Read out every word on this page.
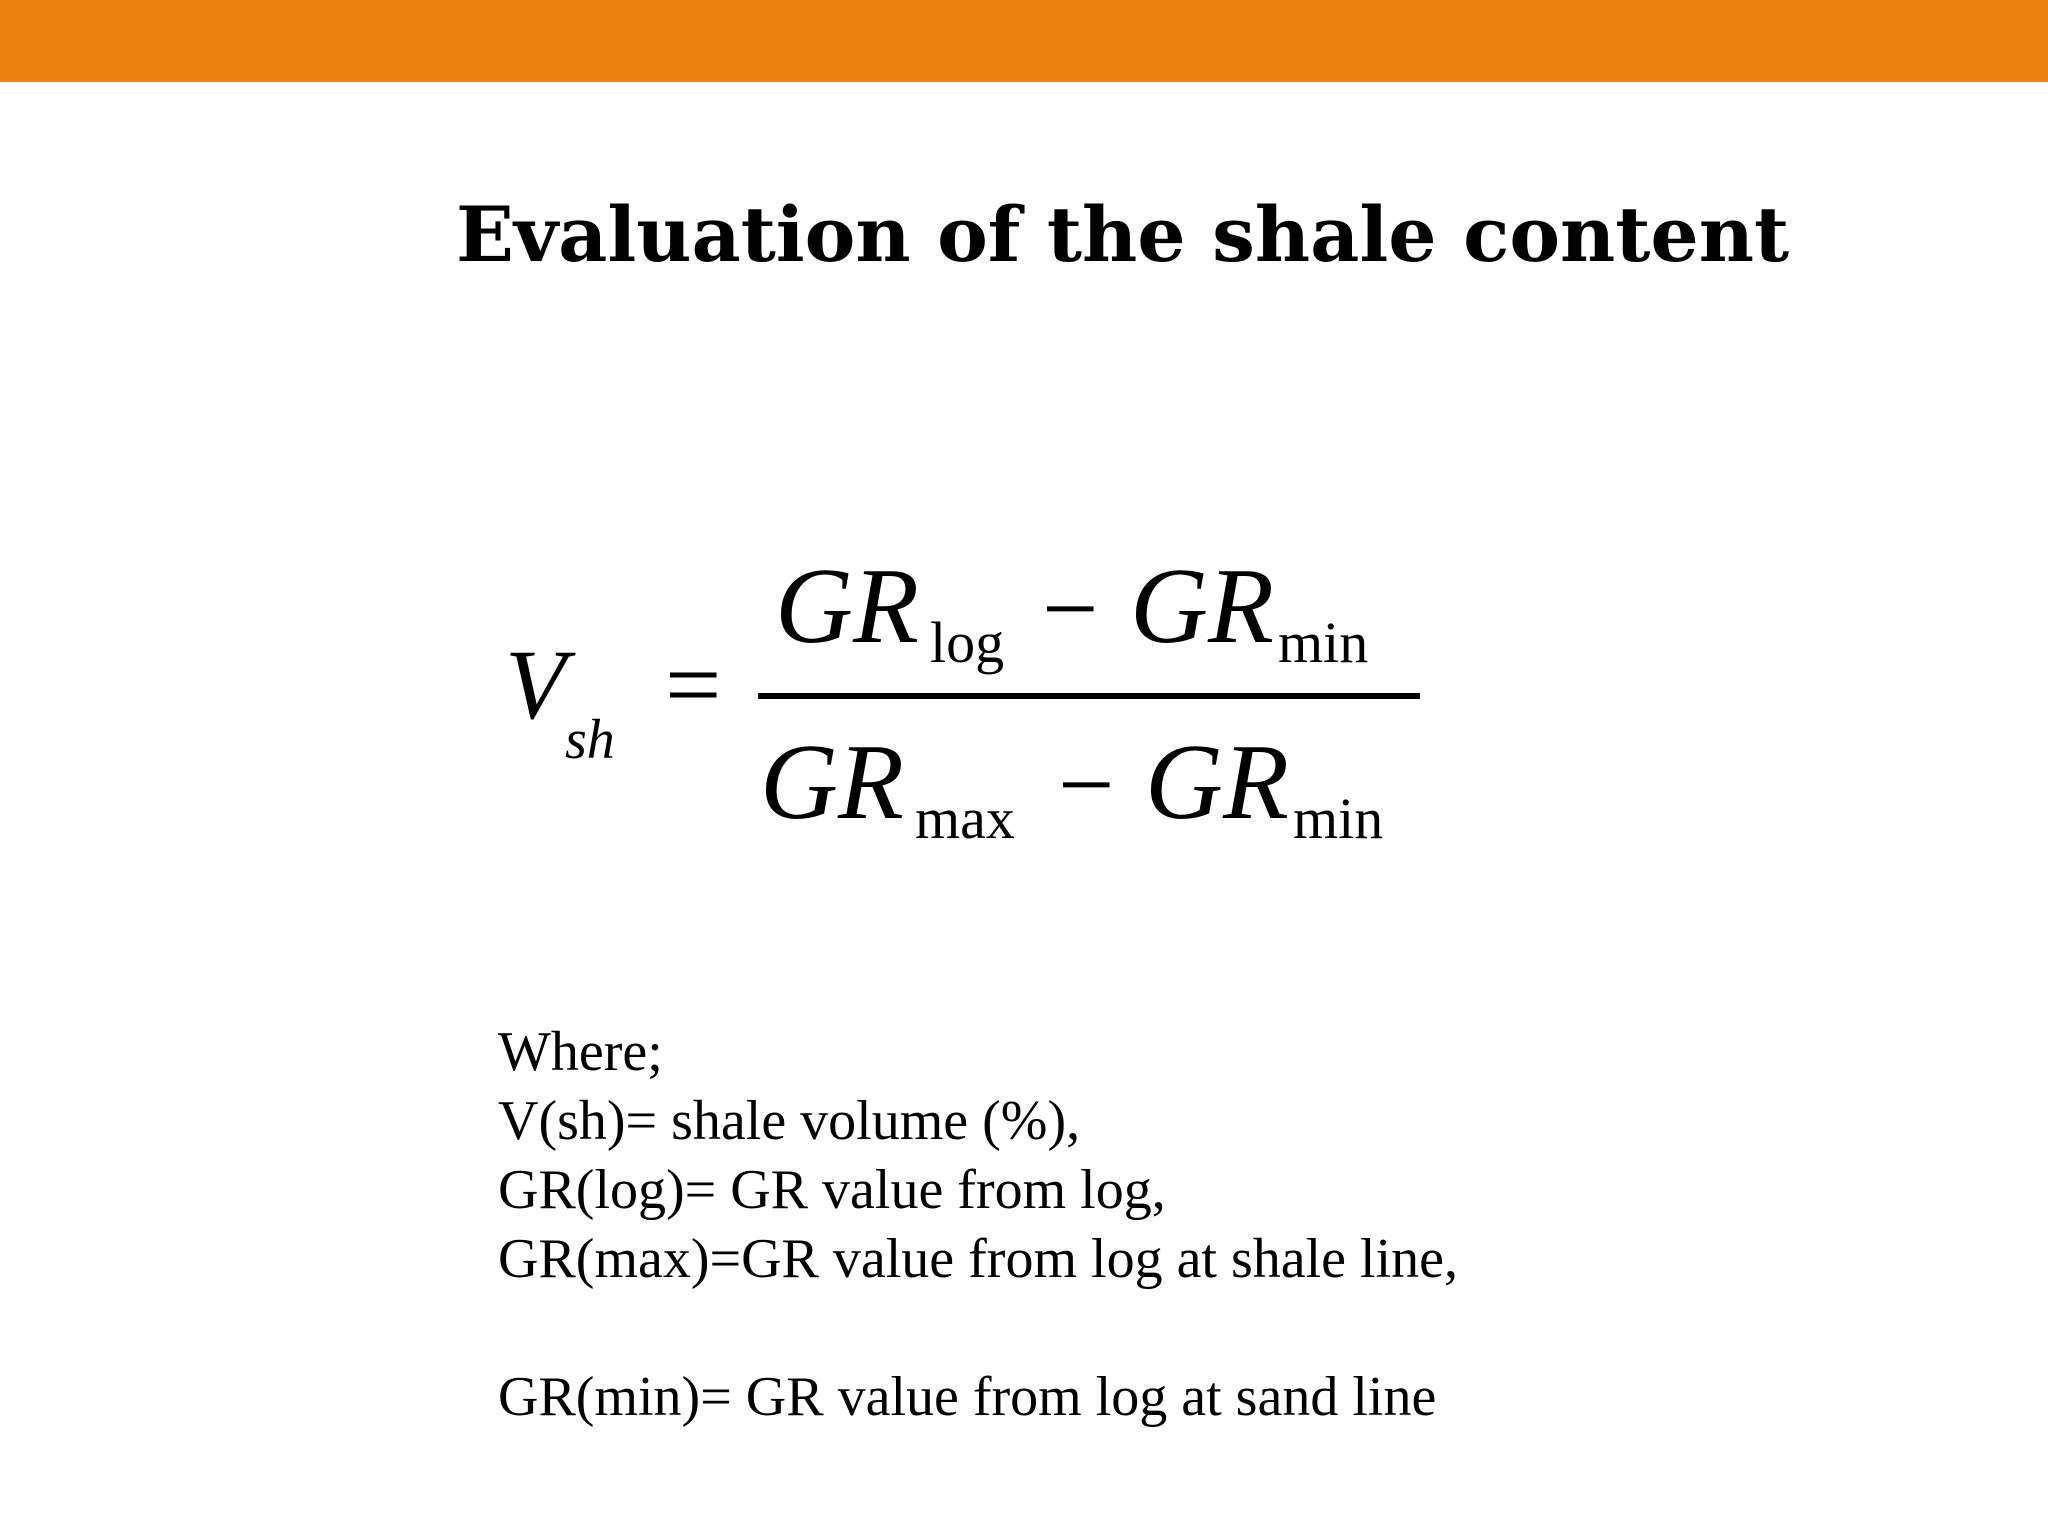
Evaluation of the shale content
V
sh =
GR log − GR min
GR max − GR min
Where;
V(sh)= shale volume (%),
GR(log)= GR value from log,
GR(max)=GR value from log at shale line,
GR(min)= GR value from log at sand line
